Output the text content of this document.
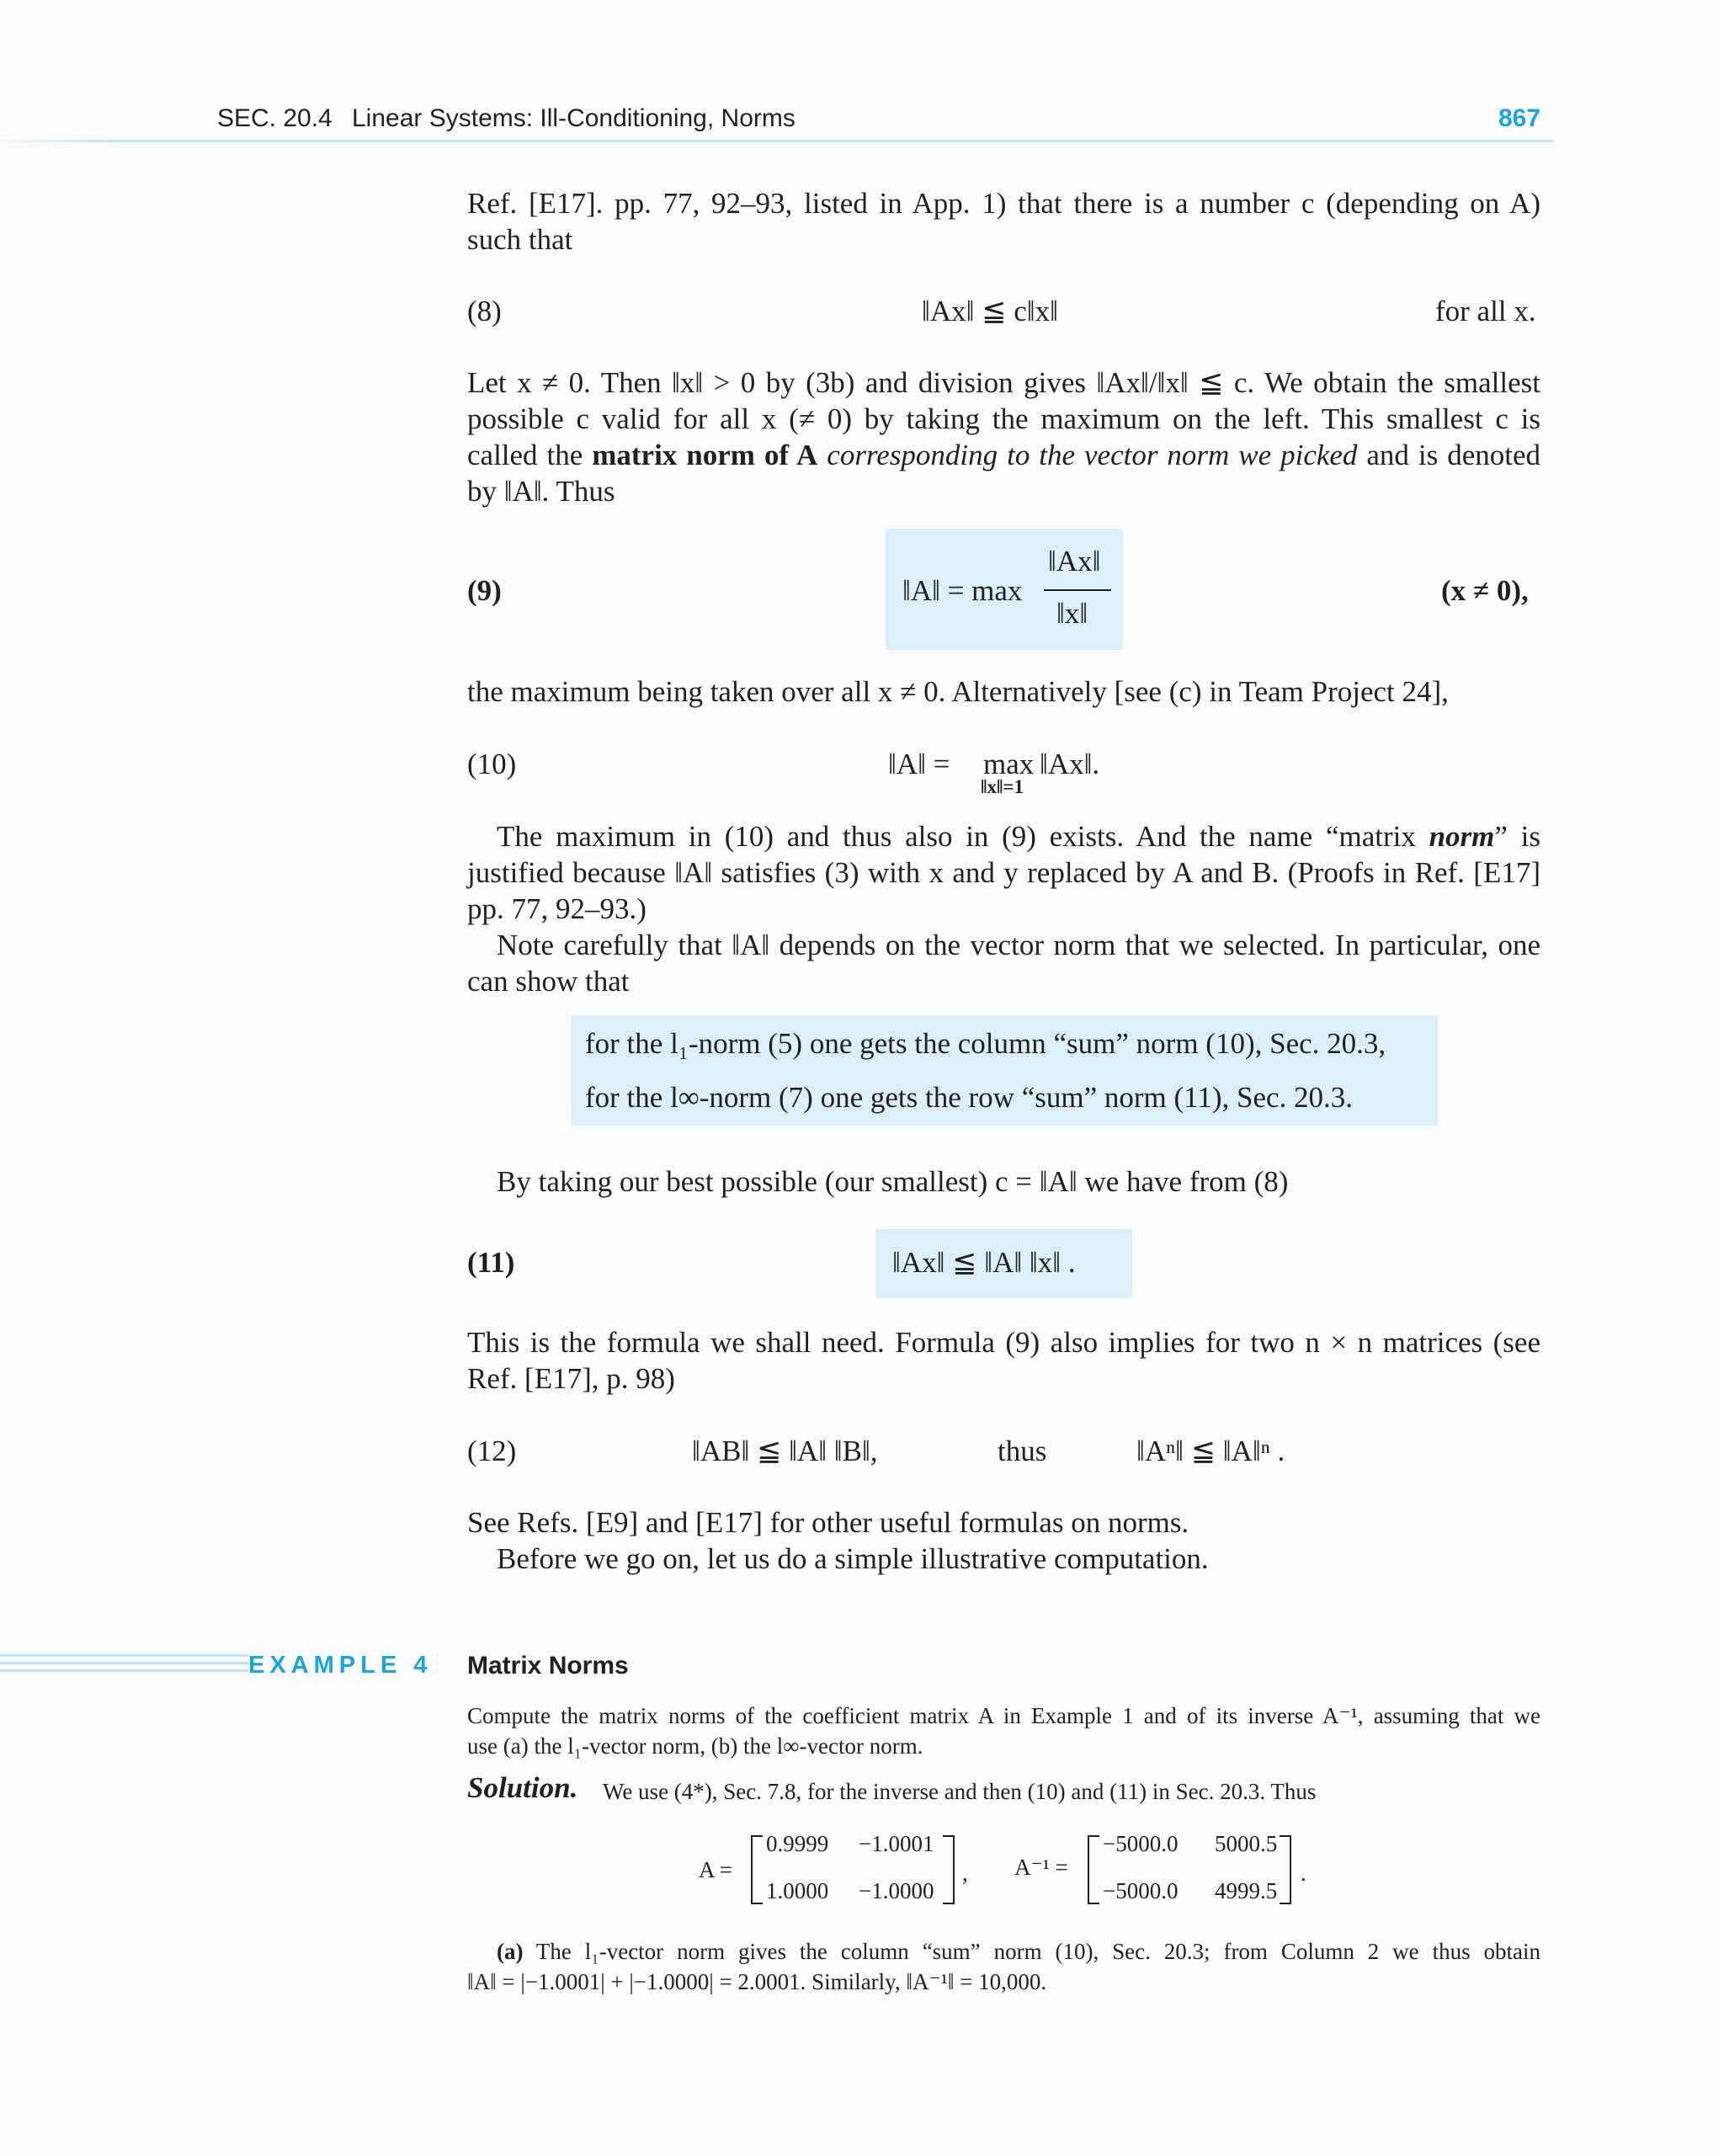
SEC. 20.4 Linear Systems: Ill-Conditioning, Norms	867
Ref. [E17]. pp. 77, 92–93, listed in App. 1) that there is a number c (depending on A)
such that
(8)	‖Ax‖ ≦ c‖x‖	for all x.
Let x ≠ 0. Then ‖x‖ > 0 by (3b) and division gives ‖Ax‖/‖x‖ ≦ c. We obtain the smallest
possible c valid for all x (≠ 0) by taking the maximum on the left. This smallest c is
called the matrix norm of A corresponding to the vector norm we picked and is denoted
by ‖A‖. Thus
(9)	‖A‖ = max
‖Ax‖
‖x‖
(x ≠ 0),
the maximum being taken over all x ≠ 0. Alternatively [see (c) in Team Project 24],
(10)	‖A‖ = max
‖x‖=1
‖Ax‖.
The maximum in (10) and thus also in (9) exists. And the name “matrix norm” is
justified because ‖A‖ satisfies (3) with x and y replaced by A and B. (Proofs in Ref. [E17]
pp. 77, 92–93.)
Note carefully that ‖A‖ depends on the vector norm that we selected. In particular, one
can show that
for the l₁-norm (5) one gets the column “sum” norm (10), Sec. 20.3,
for the l∞-norm (7) one gets the row “sum” norm (11), Sec. 20.3.
By taking our best possible (our smallest) c = ‖A‖ we have from (8)
(11)	‖Ax‖ ≦ ‖A‖ ‖x‖ .
This is the formula we shall need. Formula (9) also implies for two n × n matrices (see
Ref. [E17], p. 98)
(12)	‖AB‖ ≦ ‖A‖ ‖B‖,	thus	‖Aⁿ‖ ≦ ‖A‖ⁿ .
See Refs. [E9] and [E17] for other useful formulas on norms.
Before we go on, let us do a simple illustrative computation.
EXAMPLE 4 Matrix Norms
Compute the matrix norms of the coefficient matrix A in Example 1 and of its inverse A⁻¹, assuming that we
use (a) the l₁-vector norm, (b) the l∞-vector norm.
Solution. We use (4*), Sec. 7.8, for the inverse and then (10) and (11) in Sec. 20.3. Thus
A =
0.9999 −1.0001
1.0000 −1.0000
, A⁻¹ =
−5000.0 5000.5
−5000.0 4999.5
.
(a) The l₁-vector norm gives the column “sum” norm (10), Sec. 20.3; from Column 2 we thus obtain
‖A‖ = |−1.0001| + |−1.0000| = 2.0001. Similarly, ‖A⁻¹‖ = 10,000.
